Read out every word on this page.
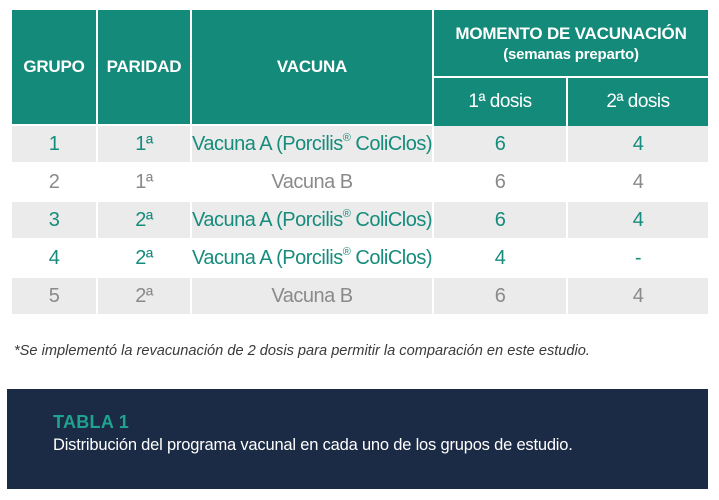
GRUPO	PARIDAD	VACUNA	MOMENTO DE VACUNACIÓN
(semanas preparto)	

			1ª dosis	2ª dosis
1	1ª	Vacuna A (Porcilis® ColiClos)	6	4
2	1ª	Vacuna B	6	4
3	2ª	Vacuna A (Porcilis® ColiClos)	6	4
4	2ª	Vacuna A (Porcilis® ColiClos)	4	-
5	2ª	Vacuna B	6	4
*Se implementó la revacunación de 2 dosis para permitir la comparación en este estudio.
TABLA 1
Distribución del programa vacunal en cada uno de los grupos de estudio.
